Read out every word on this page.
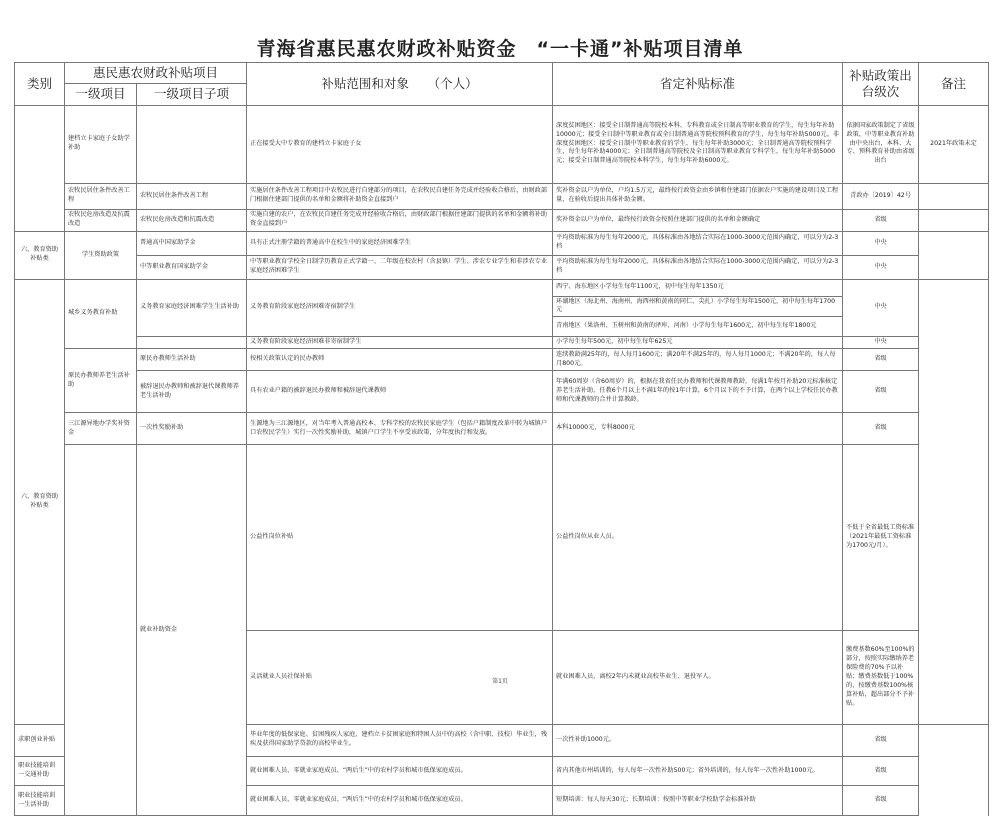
青海省惠民惠农财政补贴资金　“一卡通”补贴项目清单
类别	惠民惠农财政补贴项目		补贴范围和对象　　（个人）	省定补贴标准	补贴政策出台级次	备注	
	一级项目	一级项目子项					
	建档立卡家庭子女助学补助		正在接受大中专教育的建档立卡家庭子女	深度贫困地区：接受全日制普通高等院校本科、专科教育或全日制高等职业教育的学生，每生每年补助10000元；接受全日制中等职业教育或全日制普通高等院校预科教育的学生，每生每年补助5000元。非深度贫困地区：接受全日制中等职业教育的学生，每生每年补助3000元；全日制普通高等院校预科学生，每生每年补助4000元；全日制普通高等院校及全日制高等职业教育专科学生，每生每年补助5000元；接受全日制普通高等院校本科学生，每生每年补助6000元。	依据国家政策制定了省级政策，中等职业教育补助由中央出台，本科、大专、预科教育补助由省级出台	2021年政策未定	
	农牧民居住条件改善工程	农牧民居住条件改善工程	实施居住条件改善工程项目中农牧民进行自建部分的项目，在农牧民自建任务完成并经验收合格后，由财政部门根据住建部门提供的名单和金额将补助资金直接到户	奖补资金以户为单位，户均1.5万元，最终按行政资金由乡镇和住建部门依据农户实施的建设项目及工程量，在验收后提出具体补助金额。	青政办〔2019〕42号		
	农牧民危房改造及抗震改造	农牧民危房改造和抗震改造	实施自建的农户，在农牧民自建任务完成并经验收合格后，由财政部门根据住建部门提供的名单和金额将补助资金直接到户	奖补资金以户为单位，最终按行政资金按照住建部门提供的名单和金额确定	省级		
六、教育资助补贴类	学生资助政策	普通高中国家助学金	具有正式注册学籍的普通高中在校生中的家庭经济困难学生	平均资助标准为每生每年2000元，具体标准由各地结合实际在1000-3000元范围内确定，可以分为2-3档	中央		
		中等职业教育国家助学金	中等职业教育学校全日制学历教育正式学籍一、二年级在校农村（含县镇）学生、涉农专业学生和非涉农专业家庭经济困难学生	平均资助标准为每生每年2000元，具体标准由各地结合实际在1000-3000元范围内确定，可以分为2-3档	中央		
六、教育资助补贴类	城乡义务教育补助	义务教育家庭经济困难学生生活补助	义务教育阶段家庭经济困难寄宿制学生	西宁、海东地区小学每生每年1100元，初中每生每年1350元	中央		
				环湖地区（海北州、海南州、海西州和黄南的同仁、尖扎）小学每生每年1500元，初中每生每年1700元			
				青南地区（果洛州、玉树州和黄南的泽库、河南）小学每生每年1600元，初中每生每年1800元			
			义务教育阶段家庭经济困难非寄宿制学生	小学每生每年500元，初中每生每年625元	中央		
	原民办教师养老生活补助	原民办教师生活补助	按相关政策认定的民办教师	连续教龄满25年的，每人每月1600元；满20年不满25年的，每人每月1000元；不满20年的，每人每月800元。	省级		
		被辞退民办教师和被辞退代课教师养老生活补助	具有农业户籍的被辞退民办教师和被辞退代课教师	年满60周岁（含60周岁）的，根据在我省任民办教师和代课教师教龄，每满1年按月补助20元标准核定养老生活补助，任教6个月以上不满1年的按1年计算，6个月以下的不予计算，在两个以上学校任民办教师和代课教师的合并计算教龄。	省级		
	三江源异地办学奖补资金	一次性奖励补助	生源地为三江源地区，对当年考入普通高校本、专科学校的农牧民家庭学生（包括户籍制度改革中转为城镇户口农牧民学生）实行一次性奖励补助，城镇户口学生不享受该政策，分年度执行和发放。	本科10000元，专科8000元	省级		
		就业补助资金	公益性岗位补贴	公益性岗位从业人员。	不低于全省最低工资标准（2021年最低工资标准为1700元/月）。		
			灵活就业人员社保补贴	就业困难人员、离校2年内未就业高校毕业生、退役军人。	缴费基数60%至100%的部分，按照实际缴纳养老保险费的70%予以补贴；缴费基数低于100%的，按缴费基数100%核算补贴，超出部分不予补贴。		
求职创业补贴			毕业年度的低保家庭、贫困残疾人家庭、建档立卡贫困家庭和特困人员中的高校（含中职、技校）毕业生，残疾及获得国家助学贷款的高校毕业生。	一次性补助1000元。	省级		
职业技能培训一交通补助			就业困难人员、零就业家庭成员、“两后生”中的农村学员和城市低保家庭成员。	省内其他市州培训的，每人每年一次性补助500元；省外培训的，每人每年一次性补助1000元。	省级		
职业技能培训一生活补助			就业困难人员、零就业家庭成员、“两后生”中的农村学员和城市低保家庭成员。	短期培训：每人每天30元；长期培训：按照中等职业学校助学金标准补助	省级		
第1页
